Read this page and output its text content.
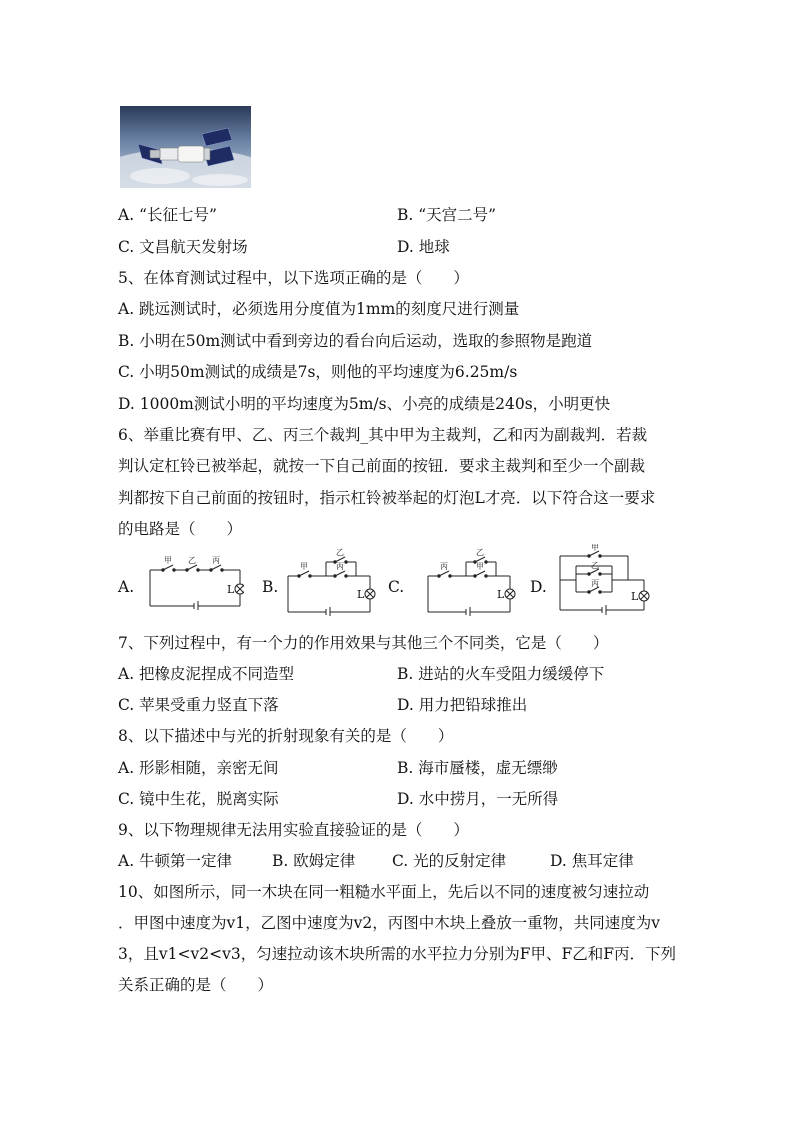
A. “长征七号”	B. “天宫二号”
C. 文昌航天发射场	D. 地球
5、在体育测试过程中，以下选项正确的是（　　）
A. 跳远测试时，必须选用分度值为1mm的刻度尺进行测量
B. 小明在50m测试中看到旁边的看台向后运动，选取的参照物是跑道
C. 小明50m测试的成绩是7s，则他的平均速度为6.25m/s
D. 1000m测试小明的平均速度为5m/s、小亮的成绩是240s，小明更快
6、举重比赛有甲、乙、丙三个裁判_其中甲为主裁判，乙和丙为副裁判．若裁
判认定杠铃已被举起，就按一下自己前面的按钮．要求主裁判和至少一个副裁
判都按下自己前面的按钮时，指示杠铃被举起的灯泡L才亮．以下符合这一要求
的电路是（　　）
A.	B.	C.	D.
甲 乙 丙
L
甲
乙
丙
L
丙
乙
甲
L
甲
乙
丙
L
7、下列过程中，有一个力的作用效果与其他三个不同类，它是（　　）
A. 把橡皮泥捏成不同造型	B. 进站的火车受阻力缓缓停下
C. 苹果受重力竖直下落	D. 用力把铅球推出
8、以下描述中与光的折射现象有关的是（　　）
A. 形影相随，亲密无间	B. 海市蜃楼，虚无缥缈
C. 镜中生花，脱离实际	D. 水中捞月，一无所得
9、以下物理规律无法用实验直接验证的是（　　）
A. 牛顿第一定律	B. 欧姆定律 C. 光的反射定律	D. 焦耳定律
10、如图所示，同一木块在同一粗糙水平面上，先后以不同的速度被匀速拉动
．甲图中速度为v1，乙图中速度为v2，丙图中木块上叠放一重物，共同速度为v
3，且v1<v2<v3，匀速拉动该木块所需的水平拉力分别为F甲、F乙和F丙．下列
关系正确的是（　　）
